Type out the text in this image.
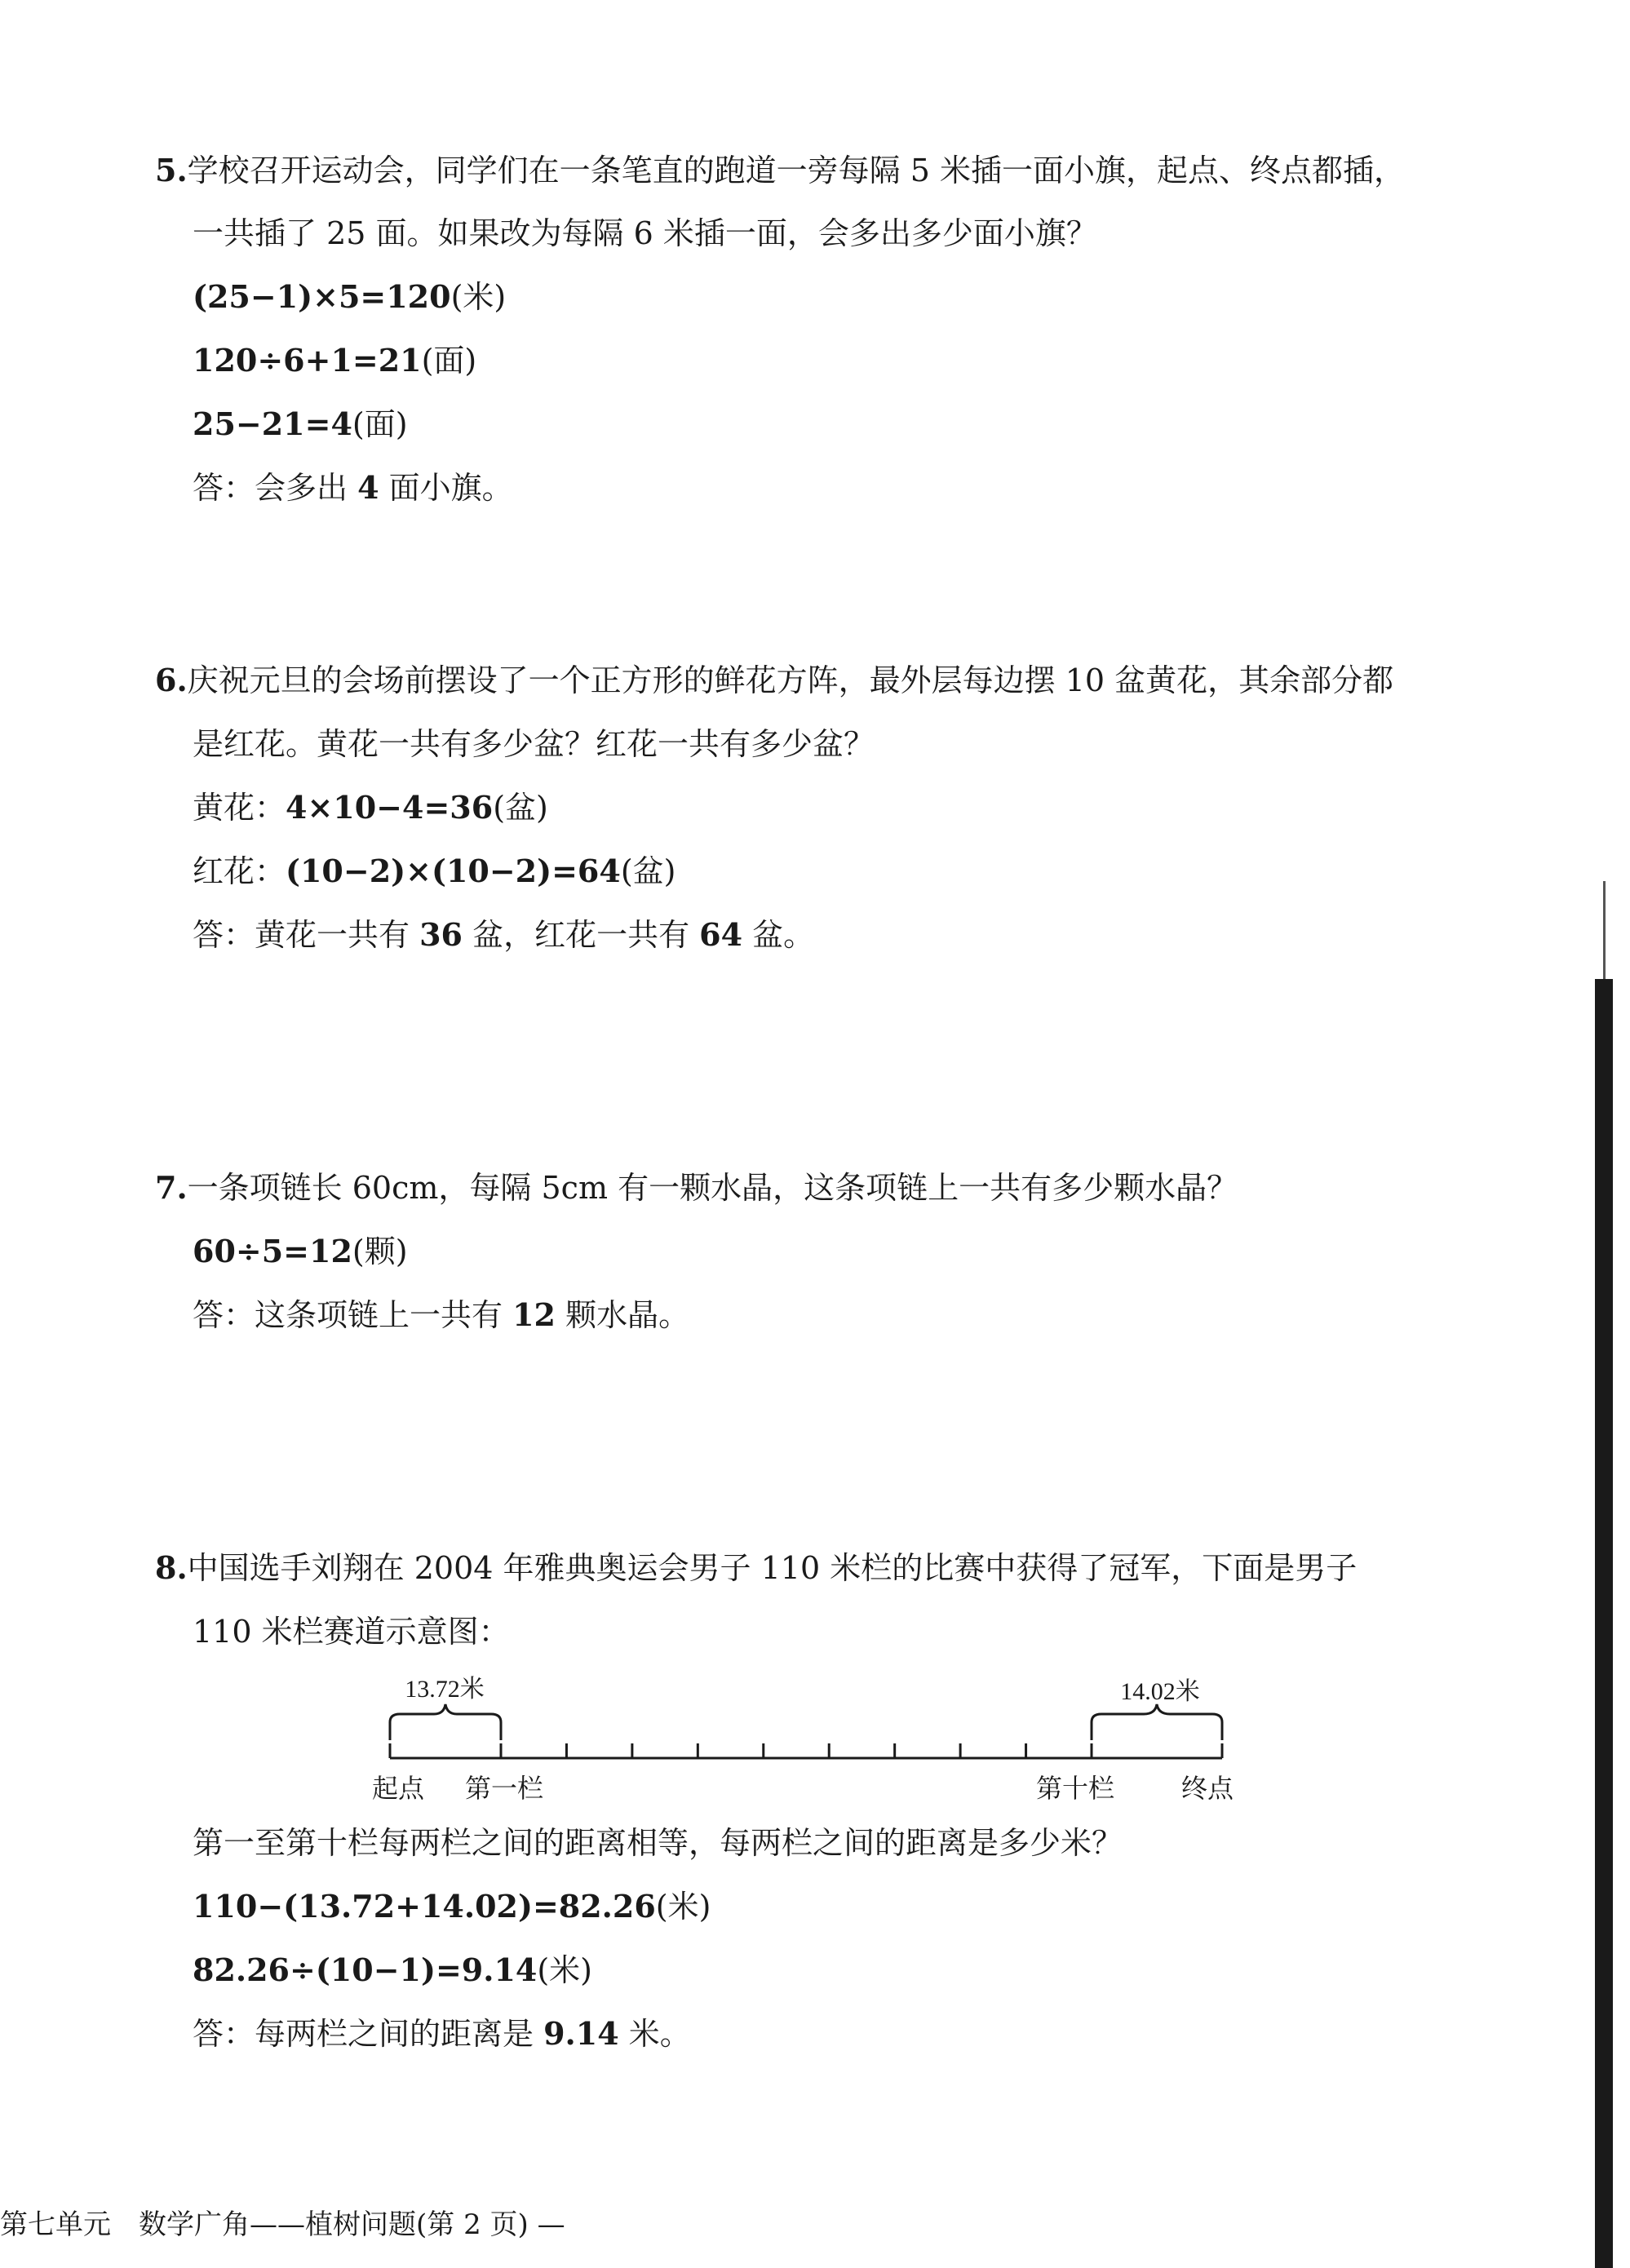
5.学校召开运动会，同学们在一条笔直的跑道一旁每隔 5 米插一面小旗，起点、终点都插，
一共插了 25 面。如果改为每隔 6 米插一面，会多出多少面小旗？
(25−1)×5=120(米)
120÷6+1=21(面)
25−21=4(面)
答：会多出 4 面小旗。
6.庆祝元旦的会场前摆设了一个正方形的鲜花方阵，最外层每边摆 10 盆黄花，其余部分都
是红花。黄花一共有多少盆？红花一共有多少盆？
黄花：4×10−4=36(盆)
红花：(10−2)×(10−2)=64(盆)
答：黄花一共有 36 盆，红花一共有 64 盆。
7.一条项链长 60cm，每隔 5cm 有一颗水晶，这条项链上一共有多少颗水晶？
60÷5=12(颗)
答：这条项链上一共有 12 颗水晶。
8.中国选手刘翔在 2004 年雅典奥运会男子 110 米栏的比赛中获得了冠军，下面是男子
110 米栏赛道示意图：
13.72米	14.02米
起点 第一栏	第十栏	终点
第一至第十栏每两栏之间的距离相等，每两栏之间的距离是多少米？
110−(13.72+14.02)=82.26(米)
82.26÷(10−1)=9.14(米)
答：每两栏之间的距离是 9.14 米。
第七单元　数学广角——植树问题(第 2 页) —
